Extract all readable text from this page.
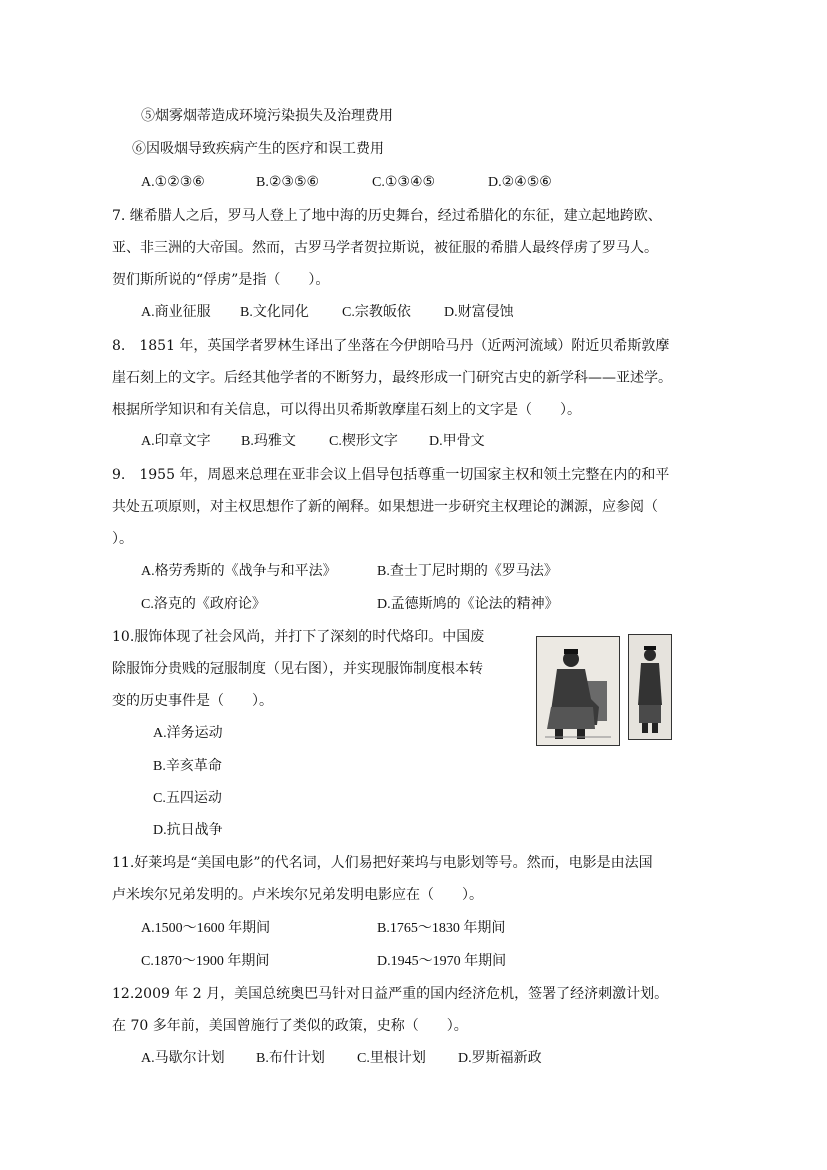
⑤烟雾烟蒂造成环境污染损失及治理费用
⑥因吸烟导致疾病产生的医疗和误工费用
A.①②③⑥	B.②③⑤⑥	C.①③④⑤	D.②④⑤⑥
7. 继希腊人之后，罗马人登上了地中海的历史舞台，经过希腊化的东征，建立起地跨欧、
亚、非三洲的大帝国。然而，古罗马学者贺拉斯说，被征服的希腊人最终俘虏了罗马人。
贺们斯所说的“俘虏”是指（　　）。
A.商业征服 B.文化同化 C.宗教皈依 D.财富侵蚀
8.　1851 年，英国学者罗林生译出了坐落在今伊朗哈马丹（近两河流域）附近贝希斯敦摩
崖石刻上的文字。后经其他学者的不断努力，最终形成一门研究古史的新学科——亚述学。
根据所学知识和有关信息，可以得出贝希斯敦摩崖石刻上的文字是（　　）。
A.印章文字 B.玛雅文 C.楔形文字 D.甲骨文
9.　1955 年，周恩来总理在亚非会议上倡导包括尊重一切国家主权和领土完整在内的和平
共处五项原则，对主权思想作了新的阐释。如果想进一步研究主权理论的渊源，应参阅（
）。
A.格劳秀斯的《战争与和平法》	B.查士丁尼时期的《罗马法》
C.洛克的《政府论》	D.孟德斯鸠的《论法的精神》
10.服饰体现了社会风尚，并打下了深刻的时代烙印。中国废
除服饰分贵贱的冠服制度（见右图），并实现服饰制度根本转
变的历史事件是（　　）。
A.洋务运动
B.辛亥革命
C.五四运动
D.抗日战争
11.好莱坞是“美国电影”的代名词，人们易把好莱坞与电影划等号。然而，电影是由法国
卢米埃尔兄弟发明的。卢米埃尔兄弟发明电影应在（　　）。
A.1500～1600 年期间	B.1765～1830 年期间
C.1870～1900 年期间	D.1945～1970 年期间
12.2009 年 2 月，美国总统奥巴马针对日益严重的国内经济危机，签署了经济刺激计划。
在 70 多年前，美国曾施行了类似的政策，史称（　　）。
A.马歇尔计划 B.布什计划 C.里根计划 D.罗斯福新政
